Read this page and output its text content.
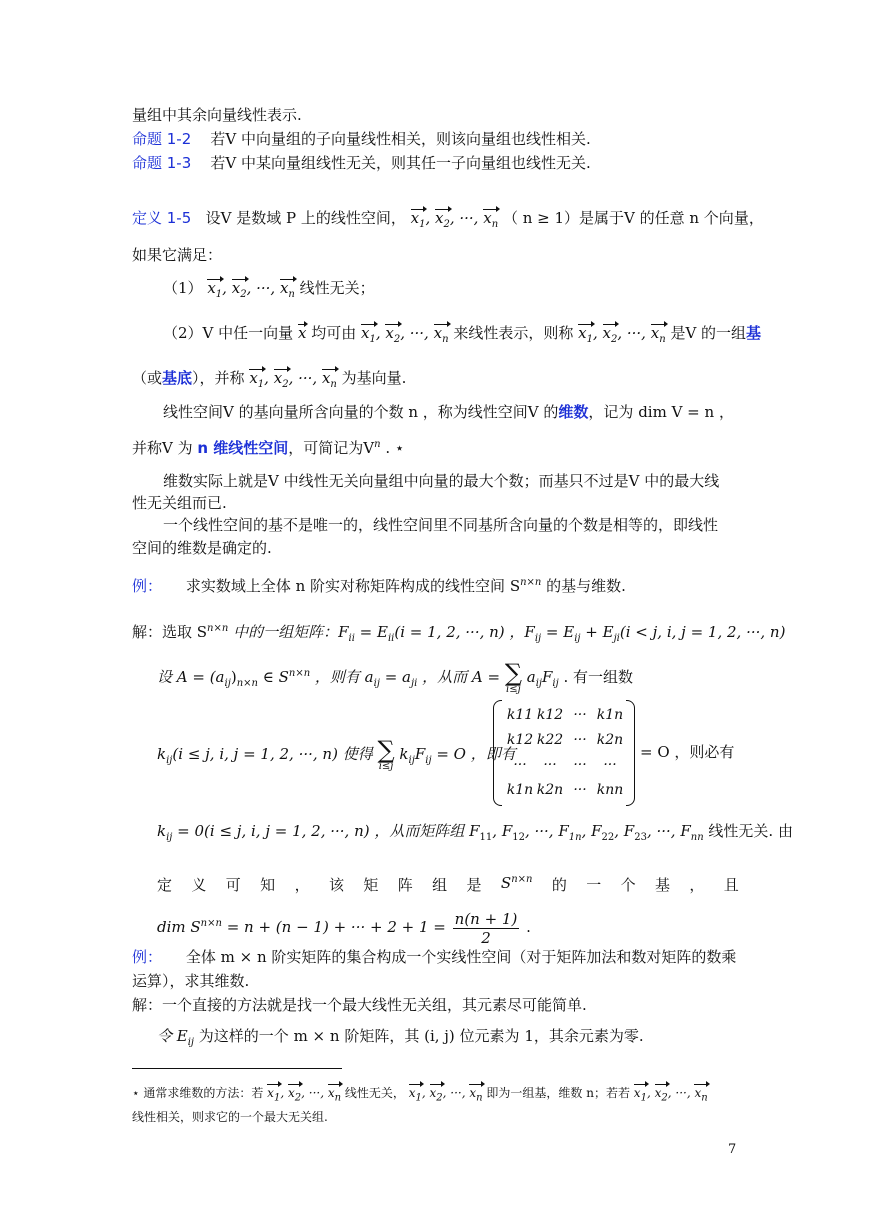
量组中其余向量线性表示.
命题 1-2 若V 中向量组的子向量线性相关，则该向量组也线性相关.
命题 1-3 若V 中某向量组线性无关，则其任一子向量组也线性无关.
定义 1-5 设V 是数域 P 上的线性空间， $x_1$, $x_2$, ···, $x_n$ （ n ≥ 1）是属于V 的任意 n 个向量，
如果它满足：
（1） $x_1$, $x_2$, ···, $x_n$ 线性无关；
（2）V 中任一向量 x 均可由 $x_1$, $x_2$, ···, $x_n$ 来线性表示，则称 $x_1$, $x_2$, ···, $x_n$ 是V 的一组基
（或基底），并称 $x_1$, $x_2$, ···, $x_n$ 为基向量.
线性空间V 的基向量所含向量的个数 n ，称为线性空间V 的维数，记为 dim V = n ，
并称V 为 n 维线性空间，可简记为$V^n$ . ⋆
维数实际上就是V 中线性无关向量组中向量的最大个数；而基只不过是V 中的最大线
性无关组而已.
一个线性空间的基不是唯一的，线性空间里不同基所含向量的个数是相等的，即线性
空间的维数是确定的.
例： 求实数域上全体 n 阶实对称矩阵构成的线性空间 $S^{n\times n}$ 的基与维数.
解：选取 $S^{n\times n}$ 中的一组矩阵：$F_{ii} = E_{ii}(i = 1$, 2, ···, n) ，$F_{ij} = E_{ij} + E_{ji}(i < j$, i, j = 1, 2, ···, n)
设 $A = (a_{ij})_{n\times n}$ ∈ $S^{n\times n}$ ，则有 $a_{ij} = a_{ji}$ ，从而 A = ∑
i≤j
$a_{ij}F_{ij}$ . 有一组数
$k_{ij}(i \le j$, i, j = 1, 2, ···, n) 使得 ∑
i≤j
$k_{ij}F_{ij} = O$ ，即有
k11	k12	···	k1n
k12	k22	···	k2n
···	···	···	···
k1n	k2n	···	knn
= O ，则必有
$k_{ij} = 0(i \le j$, i, j = 1, 2, ···, n) ，从而矩阵组 $F_{11}$, $F_{12}$, ···, $F_{1n}$, $F_{22}$, $F_{23}$, ···, $F_{nn}$ 线性无关. 由
定 义 可 知 ， 该 矩 阵 组 是 $S^{n\times n}$ 的 一 个 基 ， 且
dim $S^{n\times n} = n + (n - 1)$ + ··· + $2 + 1 = \frac{n(n + 1)}{2}$ .
例： 全体 m × n 阶实矩阵的集合构成一个实线性空间（对于矩阵加法和数对矩阵的数乘
运算），求其维数.
解：一个直接的方法就是找一个最大线性无关组，其元素尽可能简单.
令 $E_{ij}$ 为这样的一个 m × n 阶矩阵，其 (i, j) 位元素为 1，其余元素为零.
⋆ 通常求维数的方法：若 $x_1$, $x_2$, ···, $x_n$ 线性无关， $x_1$, $x_2$, ···, $x_n$ 即为一组基，维数 n；若若 $x_1$, $x_2$, ···, $x_n$
线性相关，则求它的一个最大无关组.
7
